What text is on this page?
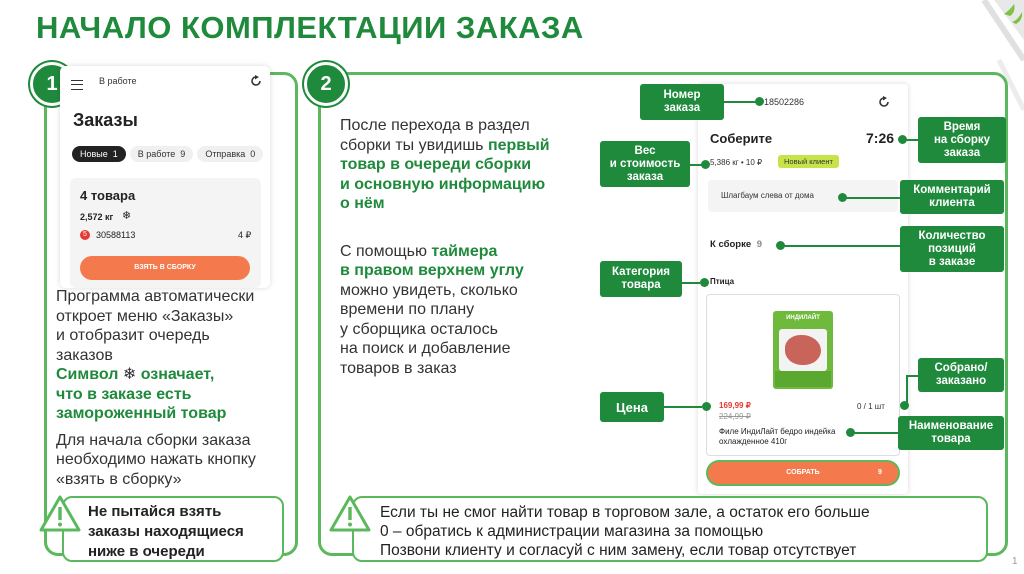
НАЧАЛО КОМПЛЕКТАЦИИ ЗАКАЗА
1	В работе
Заказы
Новые 1 В работе 9 Отправка 0
4 товара
2,572 кг ❄
5	30588113	4 ₽
ВЗЯТЬ В СБОРКУ
Программа автоматически
откроет меню «Заказы»
и отобразит очередь
заказов
Символ ❄ означает,
что в заказе есть
замороженный товар
Для начала сборки заказа
необходимо нажать кнопку
«взять в сборку»
Не пытайся взять
заказы находящиеся
ниже в очереди
2
После перехода в раздел
сборки ты увидишь первый
товар в очереди сборки
и основную информацию
о нём
С помощью таймера
в правом верхнем углу
можно увидеть, сколько
времени по плану
у сборщика осталось
на поиск и добавление
товаров в заказ
18502286
Соберите	7:26
5,386 кг • 10 ₽	Новый клиент
Шлагбаум слева от дома
К сборке 9
Птица
ИНДИЛАЙТ
169,99 ₽
224,99 ₽
0 / 1 шт
Филе ИндиЛайт бедро индейка
охлажденное 410г
СОБРАТЬ	9
Номер
заказа
Вес
и стоимость
заказа
Категория
товара
Цена
Время
на сборку
заказа
Комментарий
клиента
Количество
позиций
в заказе
Собрано/
заказано
Наименование
товара
Если ты не смог найти товар в торговом зале, а остаток его больше
0 – обратись к администрации магазина за помощью
Позвони клиенту и согласуй с ним замену, если товар отсутствует
1
